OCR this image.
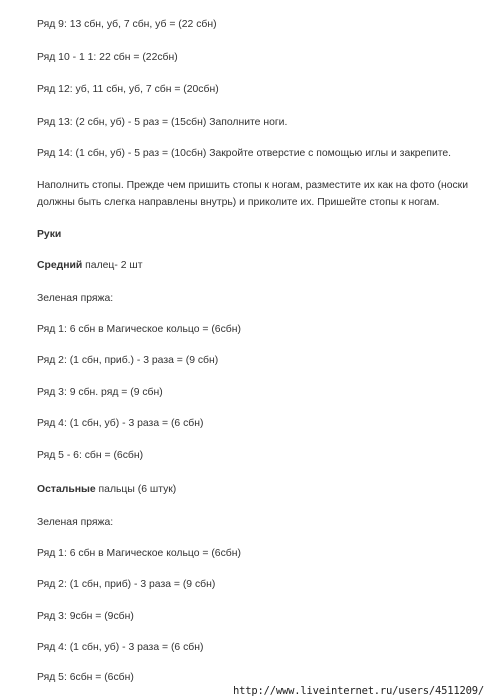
Ряд 9: 13 сбн, уб, 7 сбн, уб = (22 сбн)
Ряд 10 - 1 1: 22 сбн = (22сбн)
Ряд 12: уб, 11 сбн, уб, 7 сбн = (20сбн)
Ряд 13: (2 сбн, уб) - 5 раз = (15сбн) Заполните ноги.
Ряд 14: (1 сбн, уб) - 5 раз = (10сбн) Закройте отверстие с помощью иглы и закрепите.
Наполнить стопы. Прежде чем пришить стопы к ногам, разместите их как на фото (носки должны быть слегка направлены внутрь) и приколите их. Пришейте стопы к ногам.
Руки
Средний палец- 2 шт
Зеленая пряжа:
Ряд 1: 6 сбн в Магическое кольцо = (6сбн)
Ряд 2: (1 сбн, приб.) - 3 раза = (9 сбн)
Ряд 3: 9 сбн. ряд = (9 сбн)
Ряд 4: (1 сбн, уб) - 3 раза = (6 сбн)
Ряд 5 - 6: сбн = (6сбн)
Остальные пальцы (6 штук)
Зеленая пряжа:
Ряд 1: 6 сбн в Магическое кольцо = (6сбн)
Ряд 2: (1 сбн, приб) - 3 раза = (9 сбн)
Ряд 3: 9сбн = (9сбн)
Ряд 4: (1 сбн, уб) - 3 раза = (6 сбн)
Ряд 5: 6сбн = (6сбн)
http://www.liveinternet.ru/users/4511209/
